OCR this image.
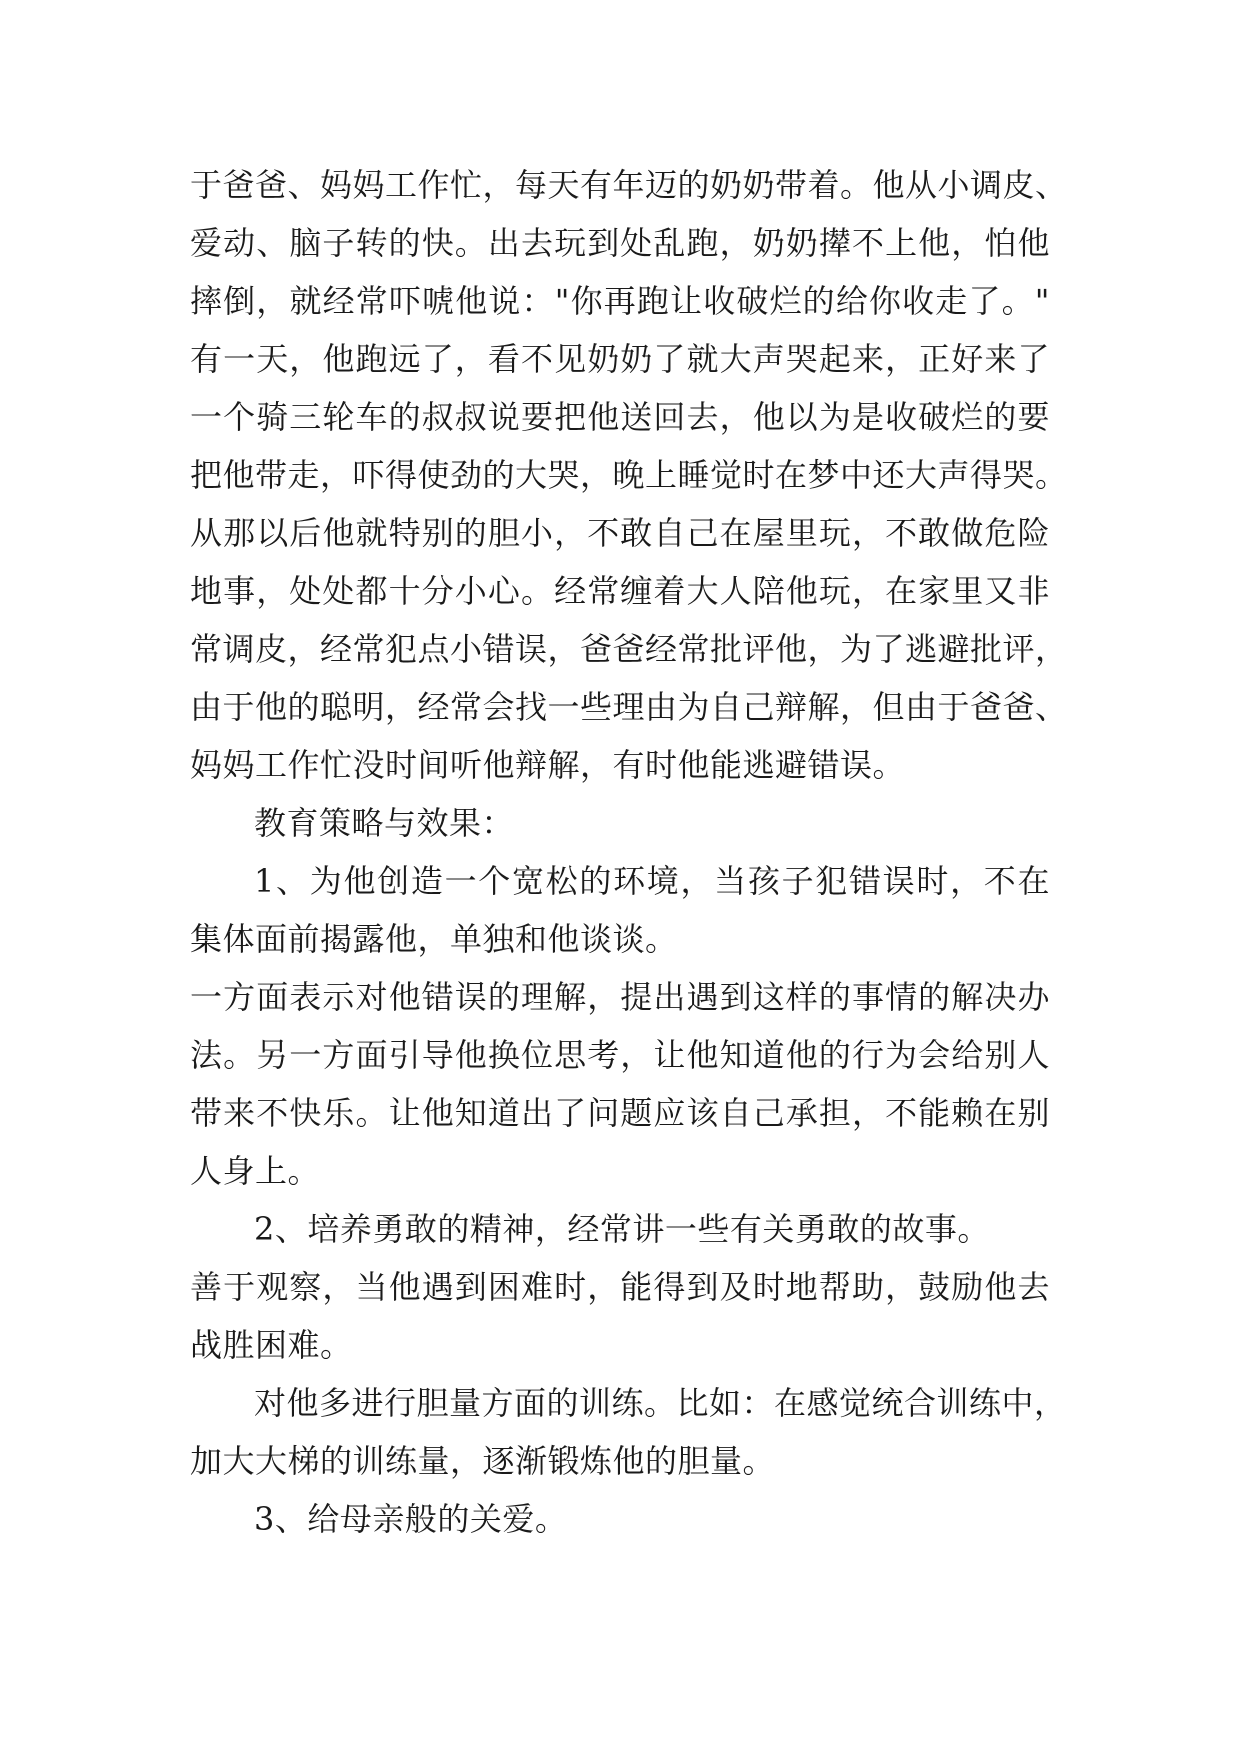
于爸爸、妈妈工作忙，每天有年迈的奶奶带着。他从小调皮、
爱动、脑子转的快。出去玩到处乱跑，奶奶撵不上他，怕他
摔倒，就经常吓唬他说："你再跑让收破烂的给你收走了。"
有一天，他跑远了，看不见奶奶了就大声哭起来，正好来了
一个骑三轮车的叔叔说要把他送回去，他以为是收破烂的要
把他带走，吓得使劲的大哭，晚上睡觉时在梦中还大声得哭。
从那以后他就特别的胆小，不敢自己在屋里玩，不敢做危险
地事，处处都十分小心。经常缠着大人陪他玩，在家里又非
常调皮，经常犯点小错误，爸爸经常批评他，为了逃避批评，
由于他的聪明，经常会找一些理由为自己辩解，但由于爸爸、
妈妈工作忙没时间听他辩解，有时他能逃避错误。
教育策略与效果：
1、为他创造一个宽松的环境，当孩子犯错误时，不在
集体面前揭露他，单独和他谈谈。
一方面表示对他错误的理解，提出遇到这样的事情的解决办
法。另一方面引导他换位思考，让他知道他的行为会给别人
带来不快乐。让他知道出了问题应该自己承担，不能赖在别
人身上。
2、培养勇敢的精神，经常讲一些有关勇敢的故事。
善于观察，当他遇到困难时，能得到及时地帮助，鼓励他去
战胜困难。
对他多进行胆量方面的训练。比如：在感觉统合训练中，
加大大梯的训练量，逐渐锻炼他的胆量。
3、给母亲般的关爱。
